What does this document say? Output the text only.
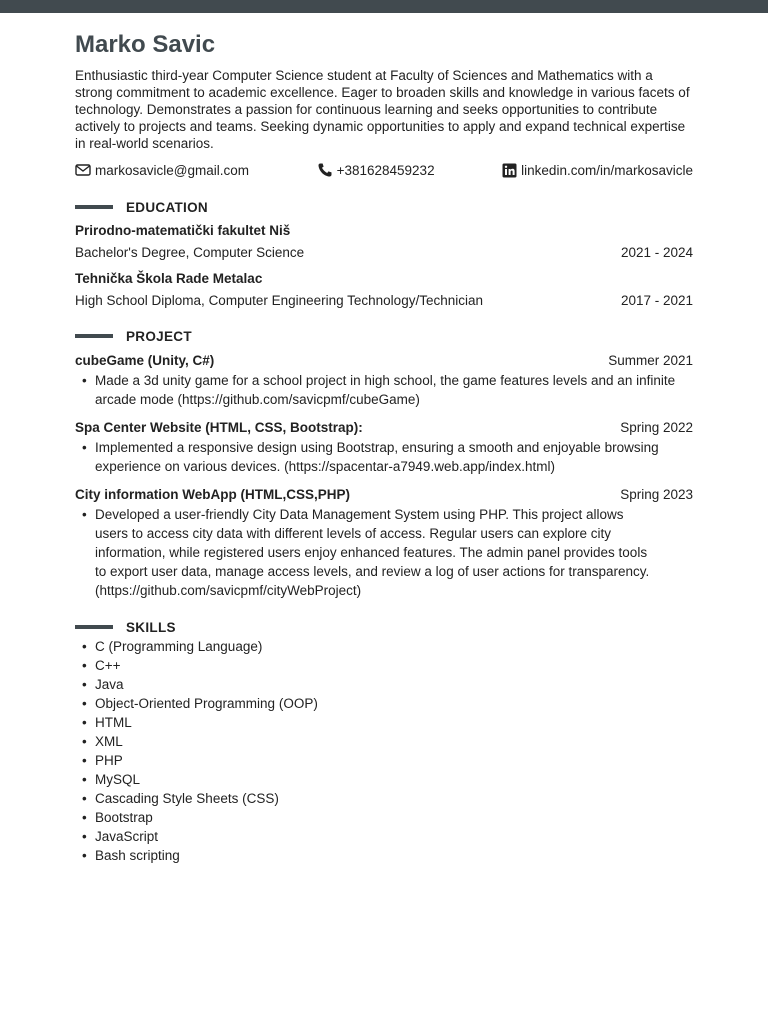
Marko Savic
Enthusiastic third-year Computer Science student at Faculty of Sciences and Mathematics with a strong commitment to academic excellence. Eager to broaden skills and knowledge in various facets of technology. Demonstrates a passion for continuous learning and seeks opportunities to contribute actively to projects and teams. Seeking dynamic opportunities to apply and expand technical expertise in real-world scenarios.
markosavicle@gmail.com	+381628459232	linkedin.com/in/markosavicle
EDUCATION
Prirodno-matematički fakultet Niš
Bachelor's Degree, Computer Science	2021 - 2024
Tehnička Škola Rade Metalac
High School Diploma, Computer Engineering Technology/Technician	2017 - 2021
PROJECT
cubeGame (Unity, C#)	Summer 2021
• Made a 3d unity game for a school project in high school, the game features levels and an infinite arcade mode (https://github.com/savicpmf/cubeGame)
Spa Center Website (HTML, CSS, Bootstrap):	Spring 2022
• Implemented a responsive design using Bootstrap, ensuring a smooth and enjoyable browsing experience on various devices. (https://spacentar-a7949.web.app/index.html)
City information WebApp (HTML,CSS,PHP)	Spring 2023
• Developed a user-friendly City Data Management System using PHP. This project allows users to access city data with different levels of access. Regular users can explore city information, while registered users enjoy enhanced features. The admin panel provides tools to export user data, manage access levels, and review a log of user actions for transparency. (https://github.com/savicpmf/cityWebProject)
SKILLS
• C (Programming Language)
• C++
• Java
• Object-Oriented Programming (OOP)
• HTML
• XML
• PHP
• MySQL
• Cascading Style Sheets (CSS)
• Bootstrap
• JavaScript
• Bash scripting
